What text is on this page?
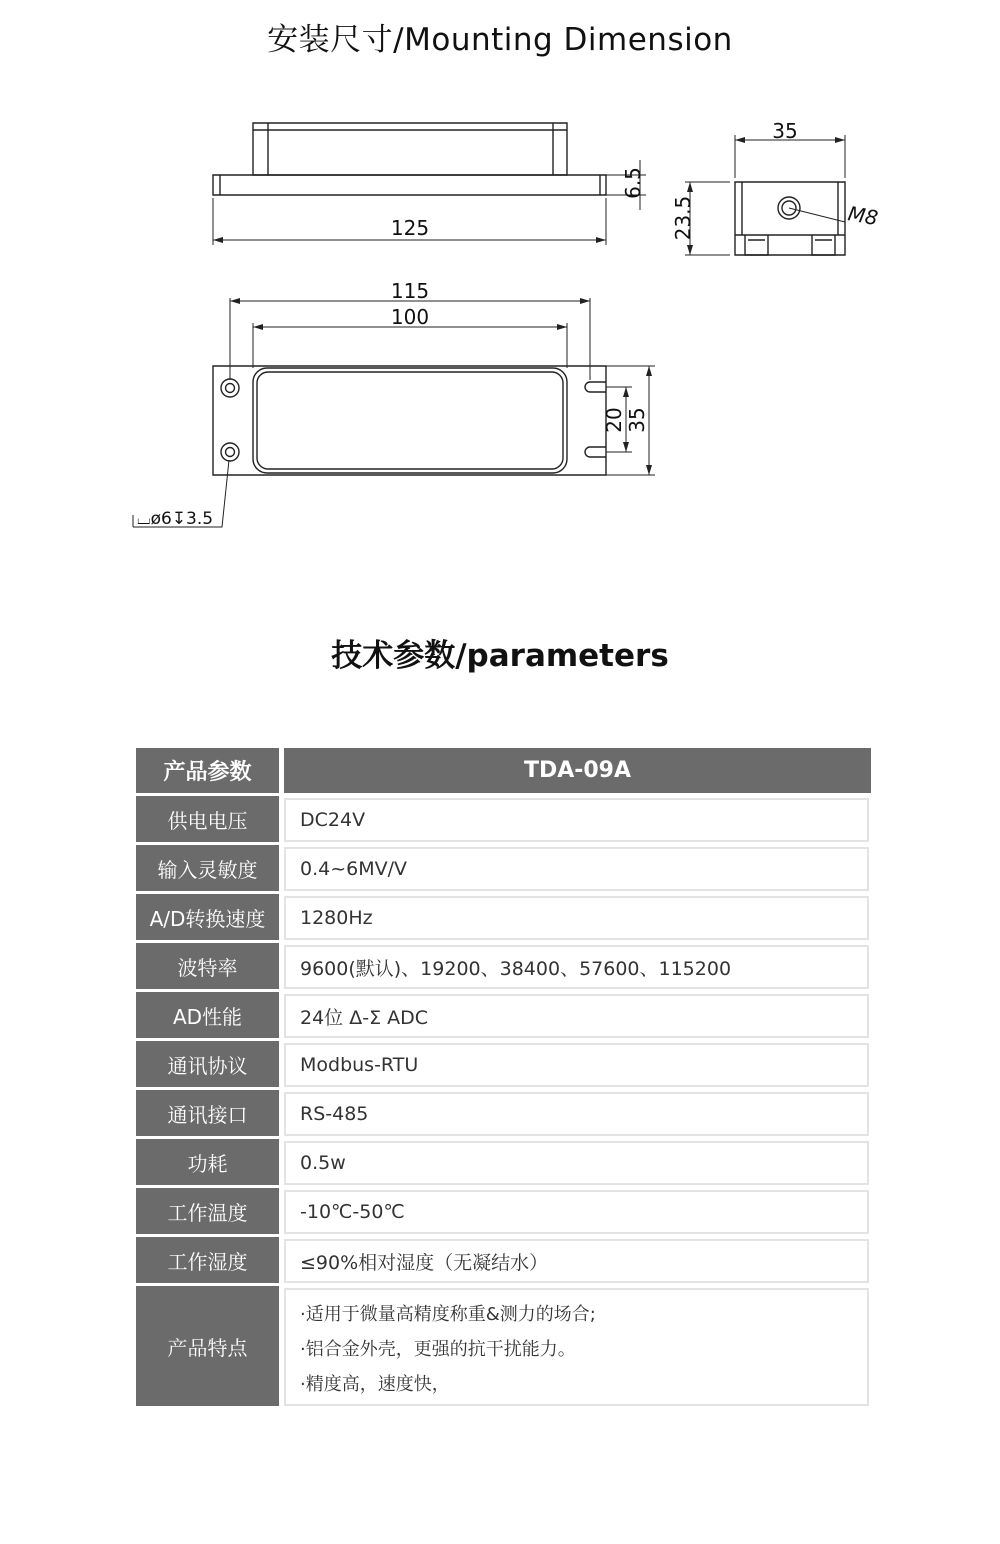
安装尺寸/Mounting Dimension
125
6.5
35
23.5	M8
115
100
20 35
⌴ø6↧3.5
技术参数/parameters
产品参数	TDA-09A
供电电压	DC24V

输入灵敏度	0.4~6MV/V

A/D转换速度	1280Hz

波特率	9600(默认)、19200、38400、57600、115200

AD性能	24位 Δ-Σ ADC

通讯协议	Modbus-RTU

通讯接口	RS-485

功耗	0.5w

工作温度	-10℃-50℃

工作湿度	≤90%相对湿度（无凝结水）

产品特点	·适用于微量高精度称重&测力的场合;
·铝合金外壳，更强的抗干扰能力。
·精度高，速度快，
